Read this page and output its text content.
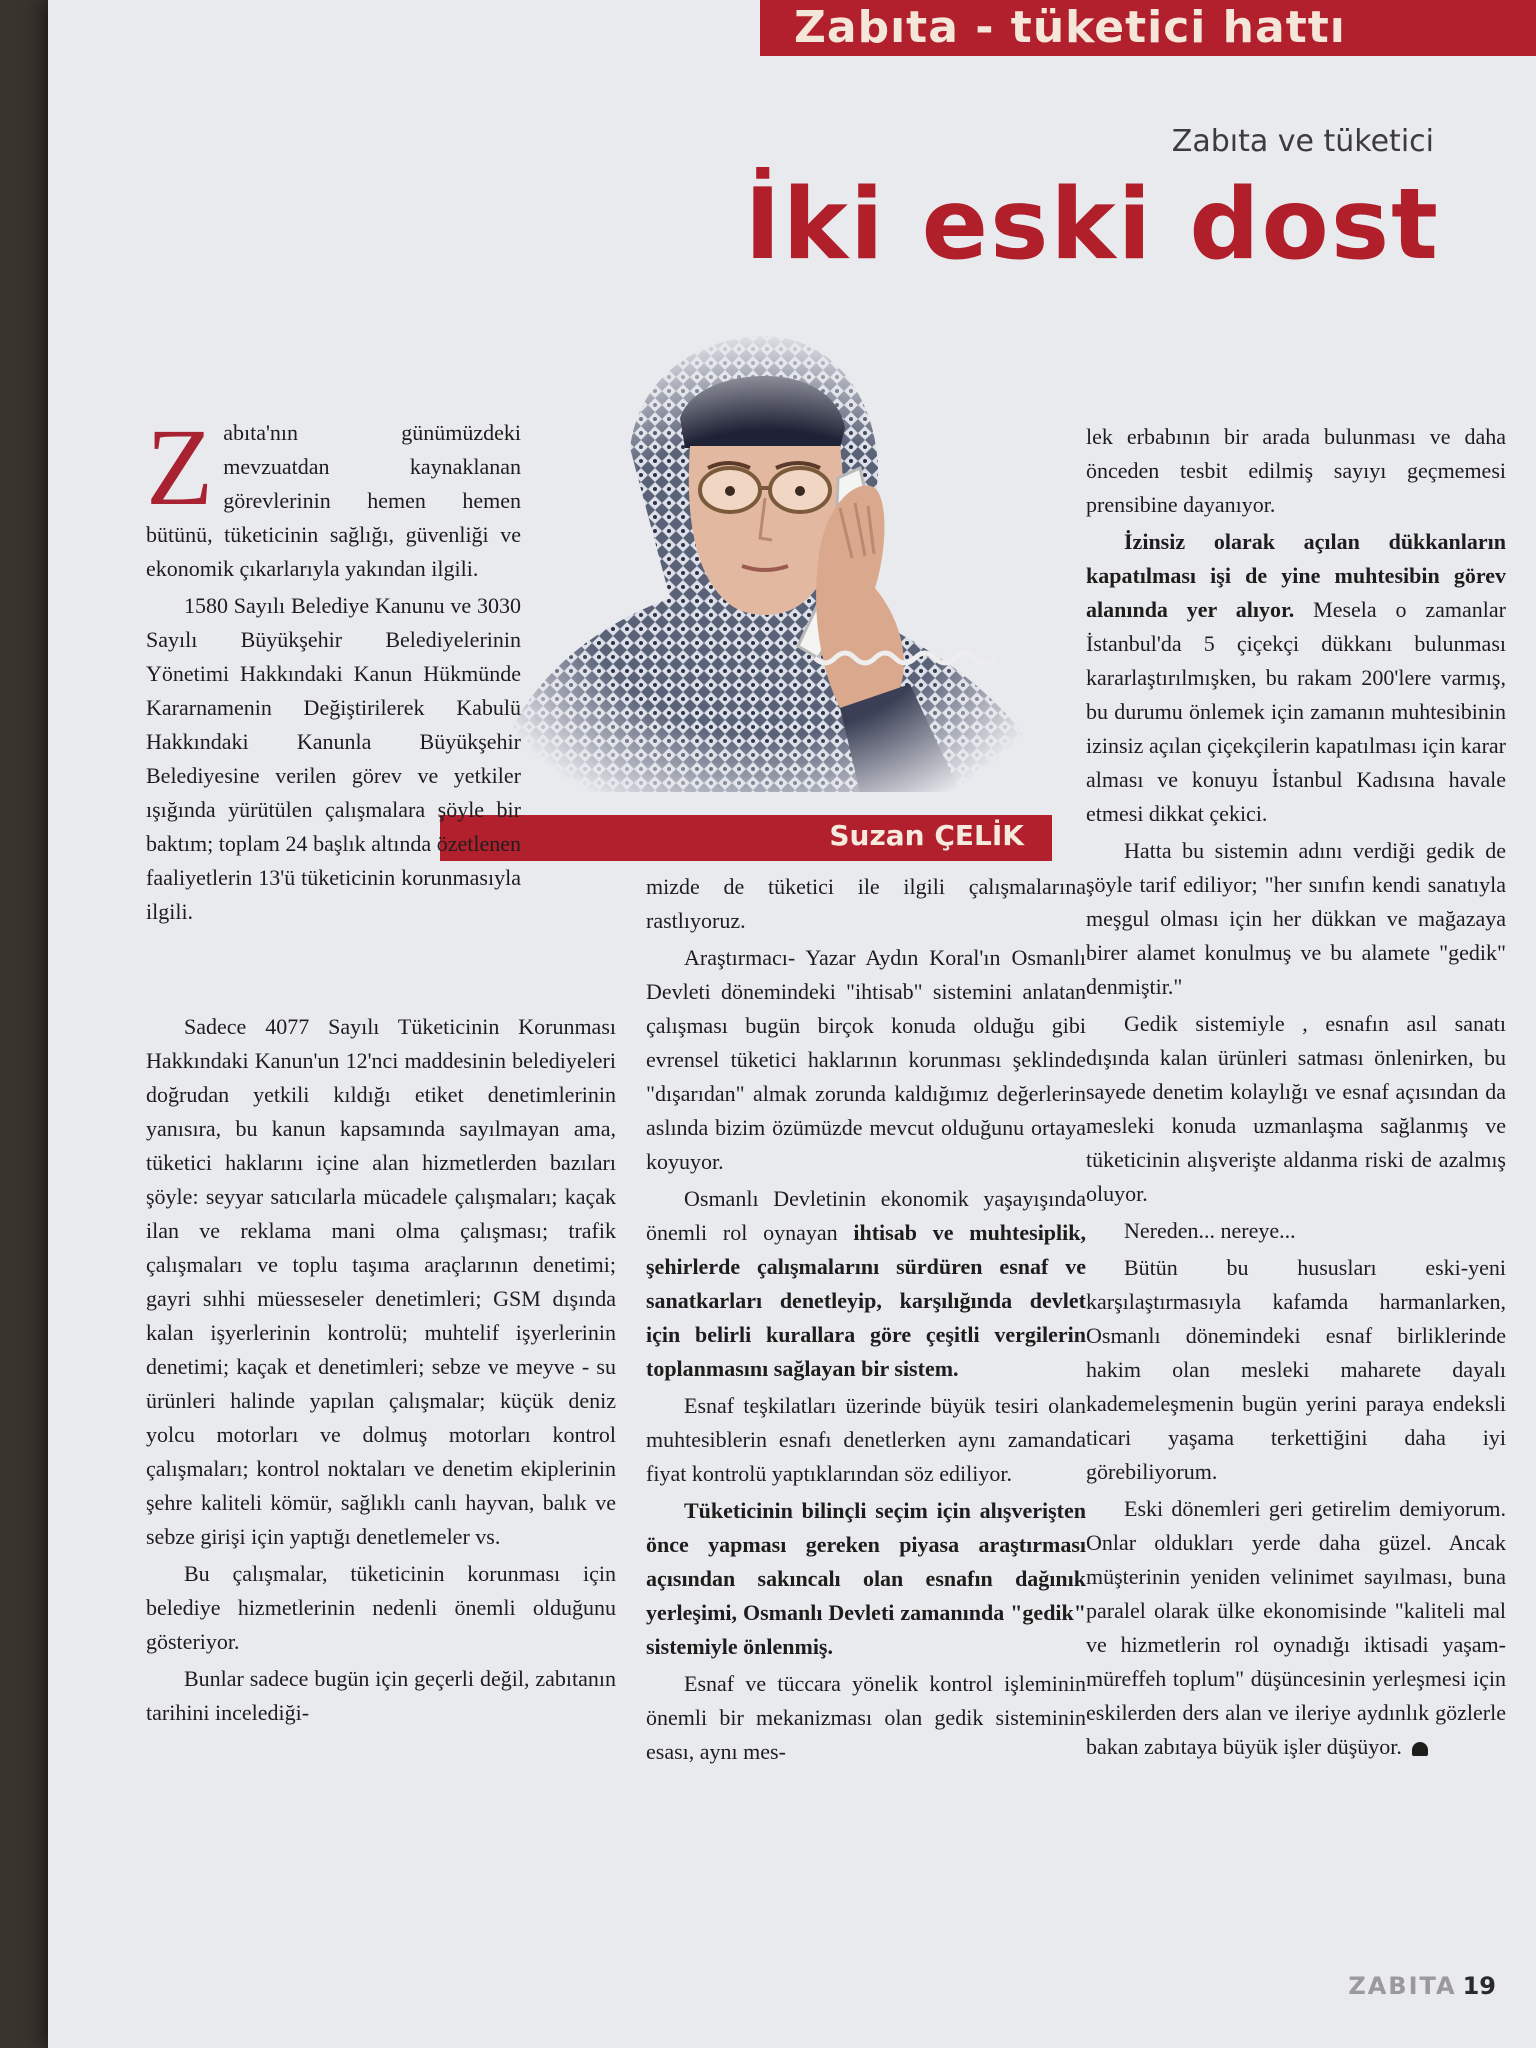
Zabıta - tüketici hattı
Zabıta ve tüketici
İki eski dost
Suzan ÇELİK

Zabıta'nın günümüzdeki mevzuatdan kaynaklanan görevlerinin hemen hemen bütünü, tüketicinin sağlığı, güvenliği ve ekonomik çıkarlarıyla yakından ilgili.

1580 Sayılı Belediye Kanunu ve 3030 Sayılı Büyükşehir Belediyelerinin Yönetimi Hakkındaki Kanun Hükmünde Kararnamenin Değiştirilerek Kabulü Hakkındaki Kanunla Büyükşehir Belediyesine verilen görev ve yetkiler ışığında yürütülen çalışmalara şöyle bir baktım; toplam 24 başlık altında özetlenen faaliyetlerin 13'ü tüketicinin korunmasıyla ilgili.

Sadece 4077 Sayılı Tüketicinin Korunması Hakkındaki Kanun'un 12'nci maddesinin belediyeleri doğrudan yetkili kıldığı etiket denetimlerinin yanısıra, bu kanun kapsamında sayılmayan ama, tüketici haklarını içine alan hizmetlerden bazıları şöyle: seyyar satıcılarla mücadele çalışmaları; kaçak ilan ve reklama mani olma çalışması; trafik çalışmaları ve toplu taşıma araçlarının denetimi; gayri sıhhi müesseseler denetimleri; GSM dışında kalan işyerlerinin kontrolü; muhtelif işyerlerinin denetimi; kaçak et denetimleri; sebze ve meyve - su ürünleri halinde yapılan çalışmalar; küçük deniz yolcu motorları ve dolmuş motorları kontrol çalışmaları; kontrol noktaları ve denetim ekiplerinin şehre kaliteli kömür, sağlıklı canlı hayvan, balık ve sebze girişi için yaptığı denetlemeler vs.

Bu çalışmalar, tüketicinin korunması için belediye hizmetlerinin nedenli önemli olduğunu gösteriyor.

Bunlar sadece bugün için geçerli değil, zabıtanın tarihini incelediği-

mizde de tüketici ile ilgili çalışmalarına rastlıyoruz.

Araştırmacı- Yazar Aydın Koral'ın Osmanlı Devleti dönemindeki "ihtisab" sistemini anlatan çalışması bugün birçok konuda olduğu gibi evrensel tüketici haklarının korunması şeklinde "dışarıdan" almak zorunda kaldığımız değerlerin aslında bizim özümüzde mevcut olduğunu ortaya koyuyor.

Osmanlı Devletinin ekonomik yaşayışında önemli rol oynayan ihtisab ve muhtesiplik, şehirlerde çalışmalarını sürdüren esnaf ve sanatkarları denetleyip, karşılığında devlet için belirli kurallara göre çeşitli vergilerin toplanmasını sağlayan bir sistem.

Esnaf teşkilatları üzerinde büyük tesiri olan muhtesiblerin esnafı denetlerken aynı zamanda fiyat kontrolü yaptıklarından söz ediliyor.

Tüketicinin bilinçli seçim için alışverişten önce yapması gereken piyasa araştırması açısından sakıncalı olan esnafın dağınık yerleşimi, Osmanlı Devleti zamanında "gedik" sistemiyle önlenmiş.

Esnaf ve tüccara yönelik kontrol işleminin önemli bir mekanizması olan gedik sisteminin esası, aynı mes-

lek erbabının bir arada bulunması ve daha önceden tesbit edilmiş sayıyı geçmemesi prensibine dayanıyor.

İzinsiz olarak açılan dükkanların kapatılması işi de yine muhtesibin görev alanında yer alıyor. Mesela o zamanlar İstanbul'da 5 çiçekçi dükkanı bulunması kararlaştırılmışken, bu rakam 200'lere varmış, bu durumu önlemek için zamanın muhtesibinin izinsiz açılan çiçekçilerin kapatılması için karar alması ve konuyu İstanbul Kadısına havale etmesi dikkat çekici.

Hatta bu sistemin adını verdiği gedik de şöyle tarif ediliyor; "her sınıfın kendi sanatıyla meşgul olması için her dükkan ve mağazaya birer alamet konulmuş ve bu alamete "gedik" denmiştir."

Gedik sistemiyle , esnafın asıl sanatı dışında kalan ürünleri satması önlenirken, bu sayede denetim kolaylığı ve esnaf açısından da mesleki konuda uzmanlaşma sağlanmış ve tüketicinin alışverişte aldanma riski de azalmış oluyor.

Nereden... nereye...

Bütün bu hususları eski-yeni karşılaştırmasıyla kafamda harmanlarken, Osmanlı dönemindeki esnaf birliklerinde hakim olan mesleki maharete dayalı kademeleşmenin bugün yerini paraya endeksli ticari yaşama terkettiğini daha iyi görebiliyorum.

Eski dönemleri geri getirelim demiyorum. Onlar oldukları yerde daha güzel. Ancak müşterinin yeniden velinimet sayılması, buna paralel olarak ülke ekonomisinde "kaliteli mal ve hizmetlerin rol oynadığı iktisadi yaşam-müreffeh toplum" düşüncesinin yerleşmesi için eskilerden ders alan ve ileriye aydınlık gözlerle bakan zabıtaya büyük işler düşüyor.

ZABITA 19
